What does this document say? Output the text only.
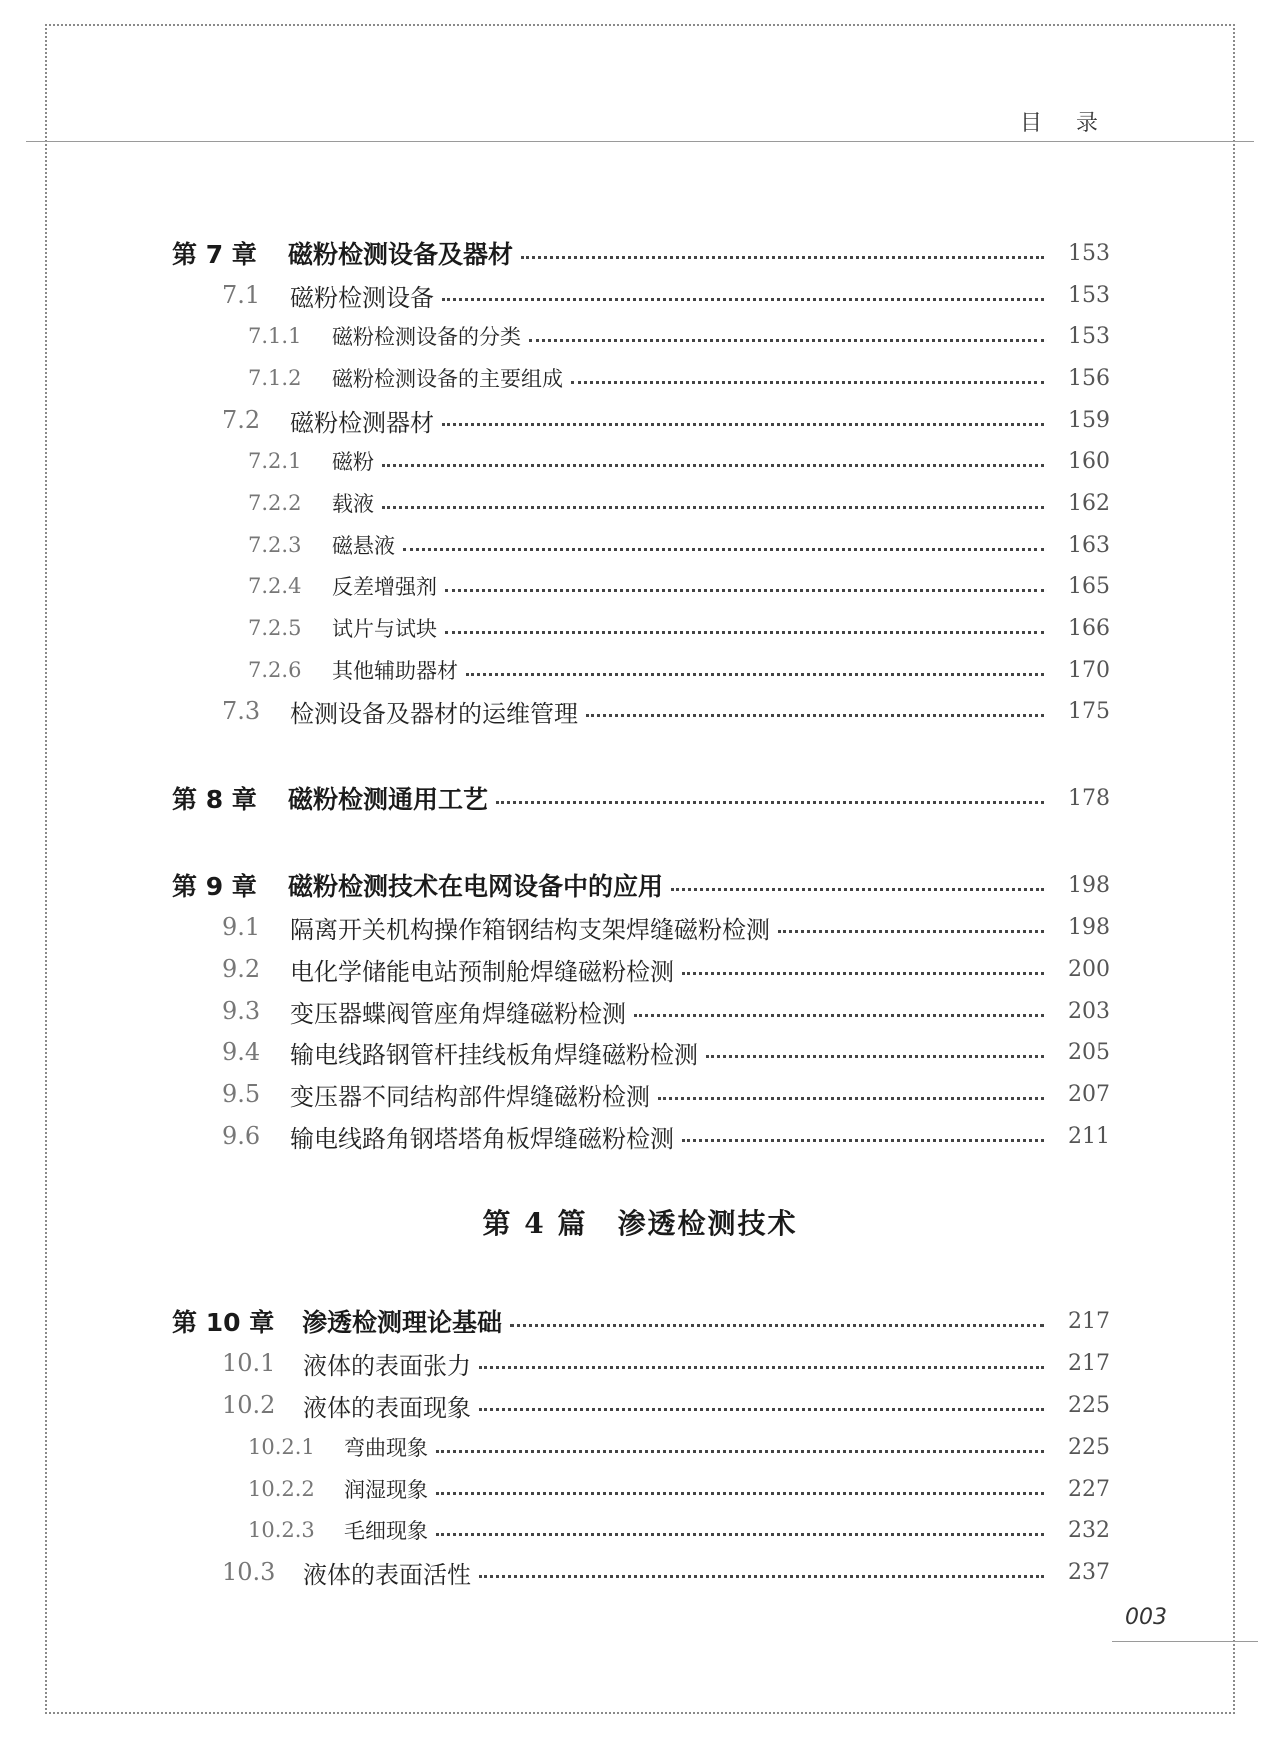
目录
第 7 章 磁粉检测设备及器材	153
7.1 磁粉检测设备	153
7.1.1 磁粉检测设备的分类	153
7.1.2 磁粉检测设备的主要组成	156
7.2 磁粉检测器材	159
7.2.1 磁粉	160
7.2.2 载液	162
7.2.3 磁悬液	163
7.2.4 反差增强剂	165
7.2.5 试片与试块	166
7.2.6 其他辅助器材	170
7.3 检测设备及器材的运维管理	175
第 8 章 磁粉检测通用工艺	178
第 9 章 磁粉检测技术在电网设备中的应用	198
9.1 隔离开关机构操作箱钢结构支架焊缝磁粉检测	198
9.2 电化学储能电站预制舱焊缝磁粉检测	200
9.3 变压器蝶阀管座角焊缝磁粉检测	203
9.4 输电线路钢管杆挂线板角焊缝磁粉检测	205
9.5 变压器不同结构部件焊缝磁粉检测	207
9.6 输电线路角钢塔塔角板焊缝磁粉检测	211
第 10 章 渗透检测理论基础	217
10.1 液体的表面张力	217
10.2 液体的表面现象	225
10.2.1 弯曲现象	225
10.2.2 润湿现象	227
10.2.3 毛细现象	232
10.3 液体的表面活性	237
第 4 篇　渗透检测技术
003
